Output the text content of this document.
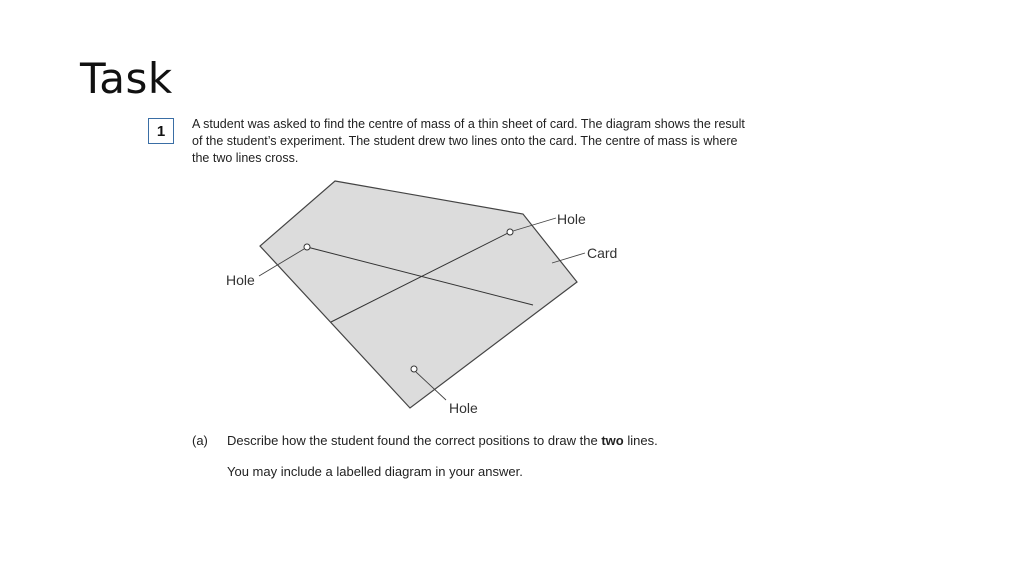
Task
1	A student was asked to find the centre of mass of a thin sheet of card. The diagram shows the result of the student’s experiment. The student drew two lines onto the card. The centre of mass is where the two lines cross.

Hole
Card
Hole
Hole
(a) Describe how the student found the correct positions to draw the two lines.
You may include a labelled diagram in your answer.
